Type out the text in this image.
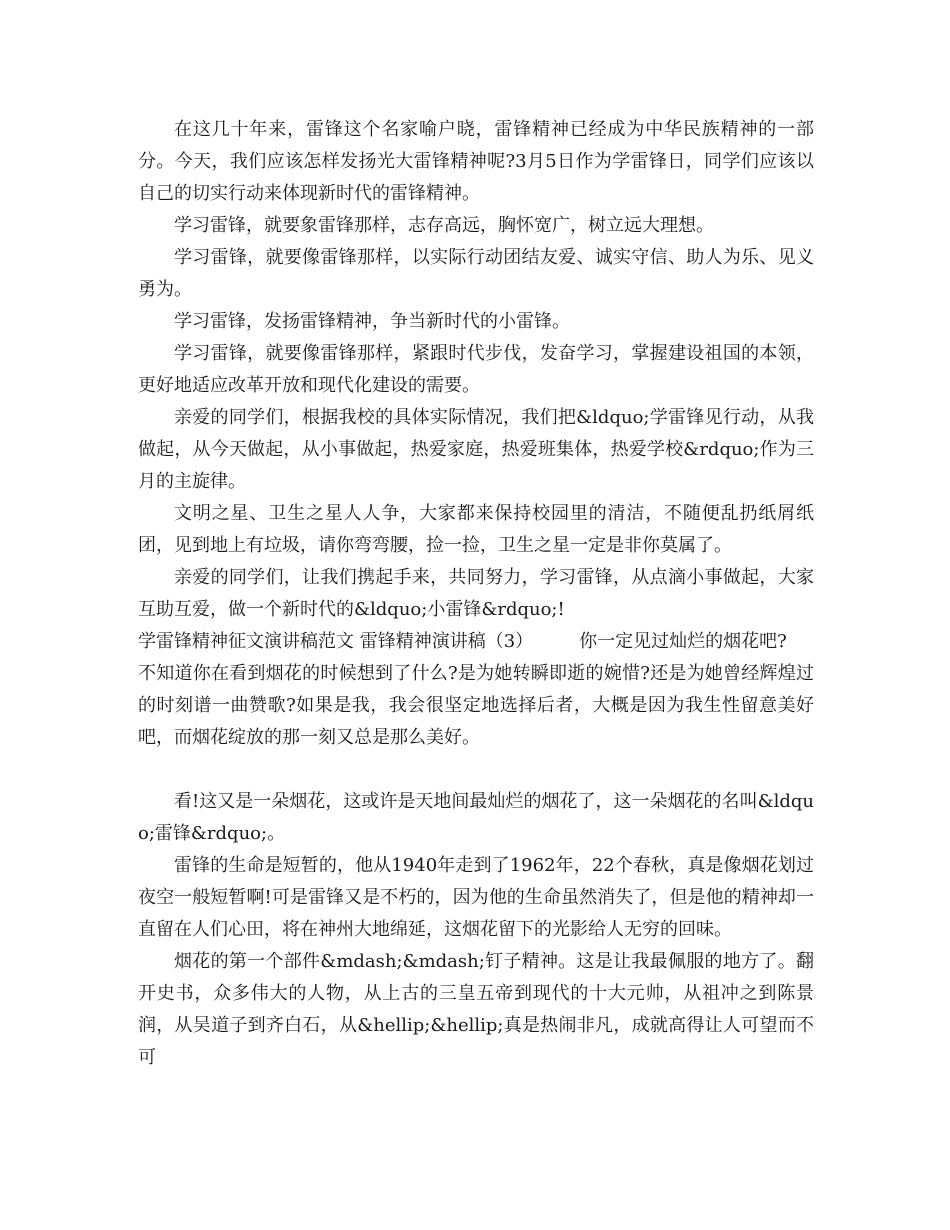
在这几十年来，雷锋这个名家喻户晓，雷锋精神已经成为中华民族精神的一部分。今天，我们应该怎样发扬光大雷锋精神呢?3月5日作为学雷锋日，同学们应该以自己的切实行动来体现新时代的雷锋精神。

学习雷锋，就要象雷锋那样，志存高远，胸怀宽广，树立远大理想。

学习雷锋，就要像雷锋那样，以实际行动团结友爱、诚实守信、助人为乐、见义勇为。

学习雷锋，发扬雷锋精神，争当新时代的小雷锋。

学习雷锋，就要像雷锋那样，紧跟时代步伐，发奋学习，掌握建设祖国的本领，更好地适应改革开放和现代化建设的需要。

亲爱的同学们，根据我校的具体实际情况，我们把&ldquo;学雷锋见行动，从我做起，从今天做起，从小事做起，热爱家庭，热爱班集体，热爱学校&rdquo;作为三月的主旋律。

文明之星、卫生之星人人争，大家都来保持校园里的清洁，不随便乱扔纸屑纸团，见到地上有垃圾，请你弯弯腰，捡一捡，卫生之星一定是非你莫属了。

亲爱的同学们，让我们携起手来，共同努力，学习雷锋，从点滴小事做起，大家互助互爱，做一个新时代的&ldquo;小雷锋&rdquo;!

学雷锋精神征文演讲稿范文 雷锋精神演讲稿（3）	你一定见过灿烂的烟花吧?

不知道你在看到烟花的时候想到了什么?是为她转瞬即逝的婉惜?还是为她曾经辉煌过的时刻谱一曲赞歌?如果是我，我会很坚定地选择后者，大概是因为我生性留意美好吧，而烟花绽放的那一刻又总是那么美好。

看!这又是一朵烟花，这或许是天地间最灿烂的烟花了，这一朵烟花的名叫&ldquo;雷锋&rdquo;。

雷锋的生命是短暂的，他从1940年走到了1962年，22个春秋，真是像烟花划过夜空一般短暂啊!可是雷锋又是不朽的，因为他的生命虽然消失了，但是他的精神却一直留在人们心田，将在神州大地绵延，这烟花留下的光影给人无穷的回味。

烟花的第一个部件&mdash;&mdash;钉子精神。这是让我最佩服的地方了。翻开史书，众多伟大的人物，从上古的三皇五帝到现代的十大元帅，从祖冲之到陈景润，从吴道子到齐白石，从&hellip;&hellip;真是热闹非凡，成就高得让人可望而不可
